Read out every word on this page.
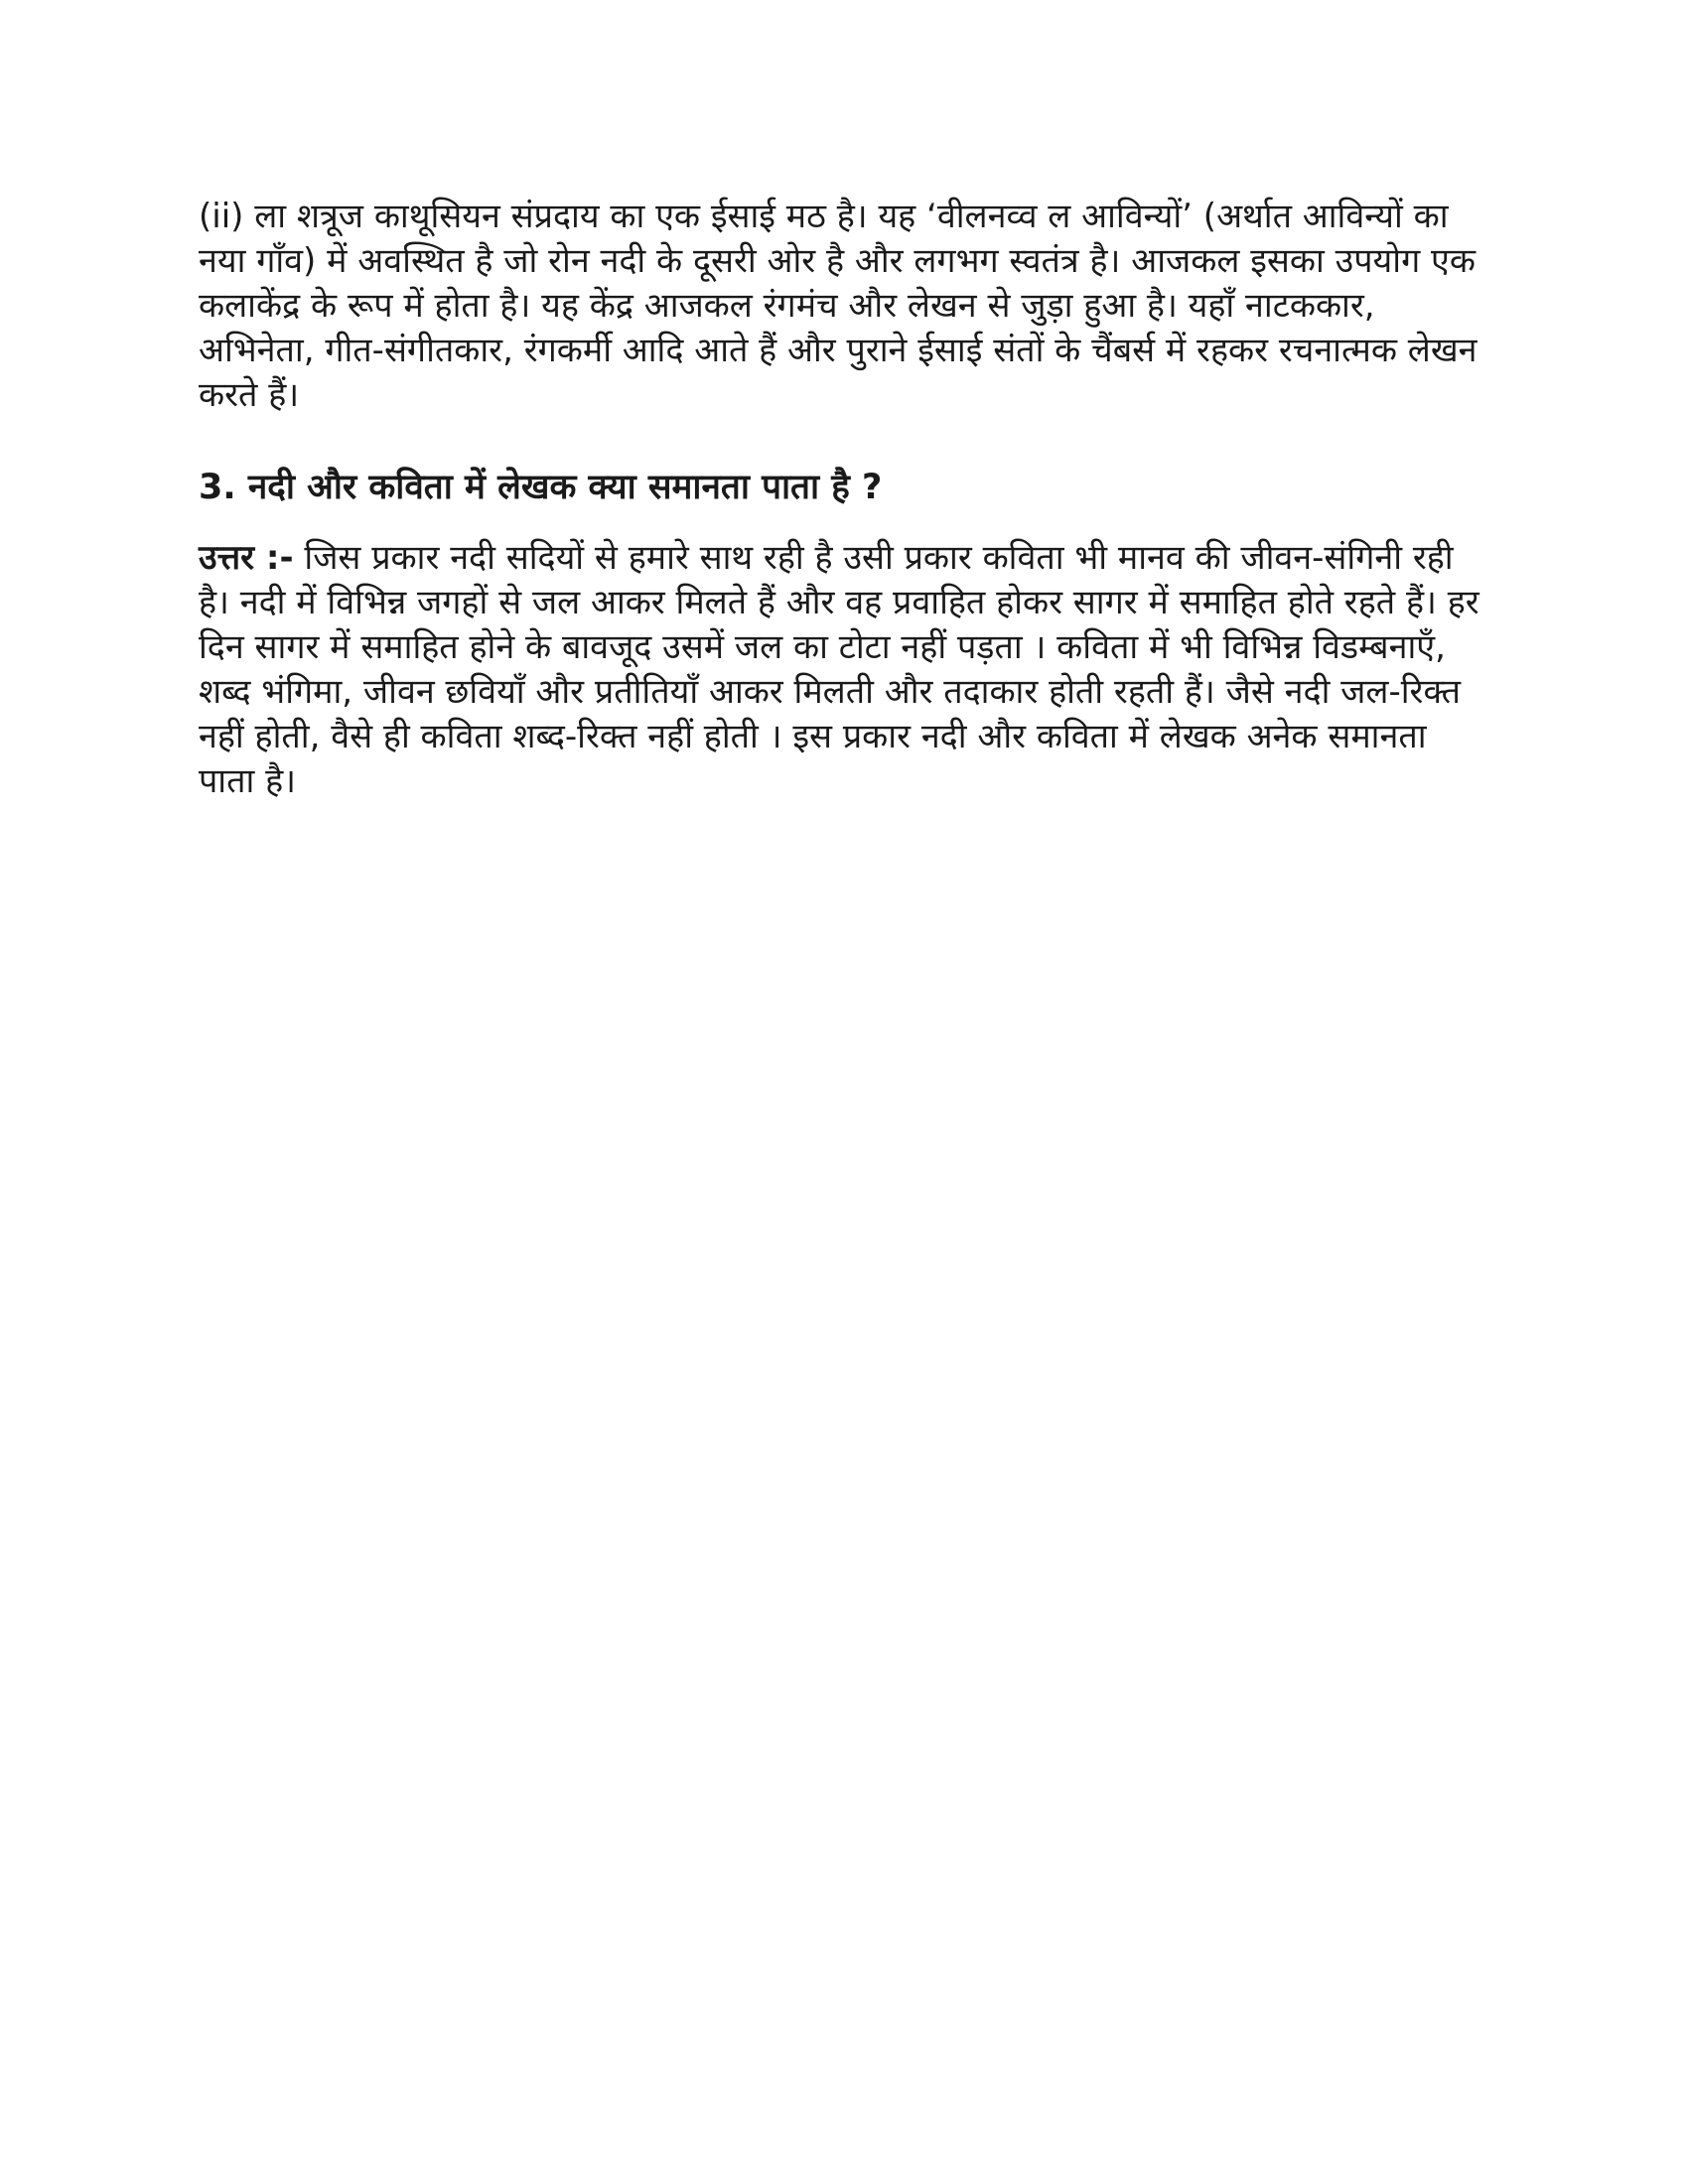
(ii) ला शत्रूज काथूसियन संप्रदाय का एक ईसाई मठ है। यह ‘वीलनव्व ल आविन्यों’ (अर्थात आविन्यों का नया गाँव) में अवस्थित है जो रोन नदी के दूसरी ओर है और लगभग स्वतंत्र है। आजकल इसका उपयोग एक कलाकेंद्र के रूप में होता है। यह केंद्र आजकल रंगमंच और लेखन से जुड़ा हुआ है। यहाँ नाटककार, अभिनेता, गीत-संगीतकार, रंगकर्मी आदि आते हैं और पुराने ईसाई संतों के चैंबर्स में रहकर रचनात्मक लेखन करते हैं।

3. नदी और कविता में लेखक क्या समानता पाता है ?

उत्तर :- जिस प्रकार नदी सदियों से हमारे साथ रही है उसी प्रकार कविता भी मानव की जीवन-संगिनी रही है। नदी में विभिन्न जगहों से जल आकर मिलते हैं और वह प्रवाहित होकर सागर में समाहित होते रहते हैं। हर दिन सागर में समाहित होने के बावजूद उसमें जल का टोटा नहीं पड़ता । कविता में भी विभिन्न विडम्बनाएँ, शब्द भंगिमा, जीवन छवियाँ और प्रतीतियाँ आकर मिलती और तदाकार होती रहती हैं। जैसे नदी जल-रिक्त नहीं होती, वैसे ही कविता शब्द-रिक्त नहीं होती । इस प्रकार नदी और कविता में लेखक अनेक समानता पाता है।
